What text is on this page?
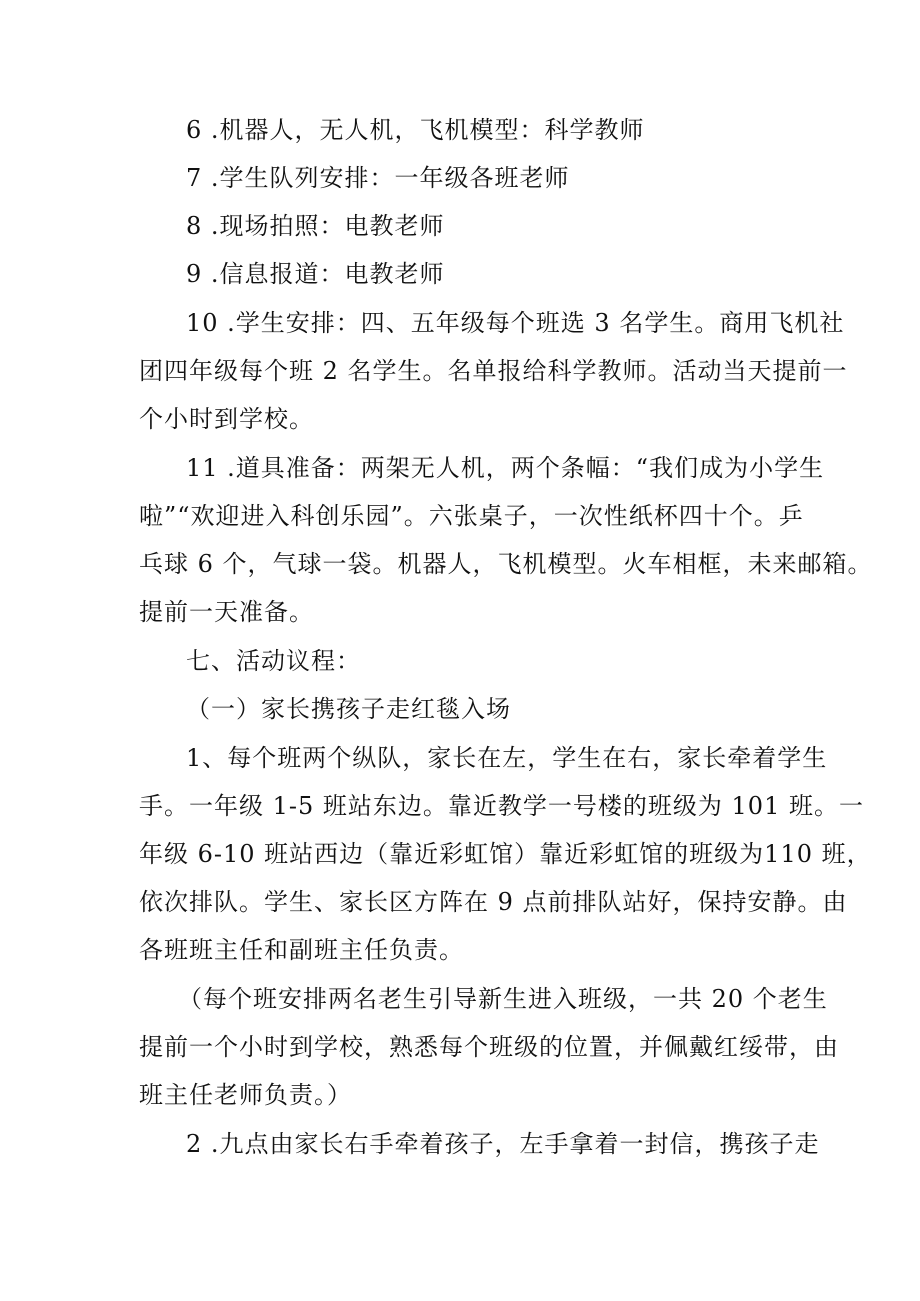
6 .机器人，无人机，飞机模型：科学教师
7 .学生队列安排：一年级各班老师
8 .现场拍照：电教老师
9 .信息报道：电教老师
10 .学生安排：四、五年级每个班选 3 名学生。商用飞机社
团四年级每个班 2 名学生。名单报给科学教师。活动当天提前一
个小时到学校。
11 .道具准备：两架无人机，两个条幅：“我们成为小学生
啦”“欢迎进入科创乐园”。六张桌子，一次性纸杯四十个。乒
乓球 6 个，气球一袋。机器人，飞机模型。火车相框，未来邮箱。
提前一天准备。
七、活动议程：
（一）家长携孩子走红毯入场
1、每个班两个纵队，家长在左，学生在右，家长牵着学生
手。一年级 1-5 班站东边。靠近教学一号楼的班级为 101 班。一
年级 6-10 班站西边（靠近彩虹馆）靠近彩虹馆的班级为110 班，
依次排队。学生、家长区方阵在 9 点前排队站好，保持安静。由
各班班主任和副班主任负责。
（每个班安排两名老生引导新生进入班级，一共 20 个老生
提前一个小时到学校，熟悉每个班级的位置，并佩戴红绥带，由
班主任老师负责。）
2 .九点由家长右手牵着孩子，左手拿着一封信，携孩子走
